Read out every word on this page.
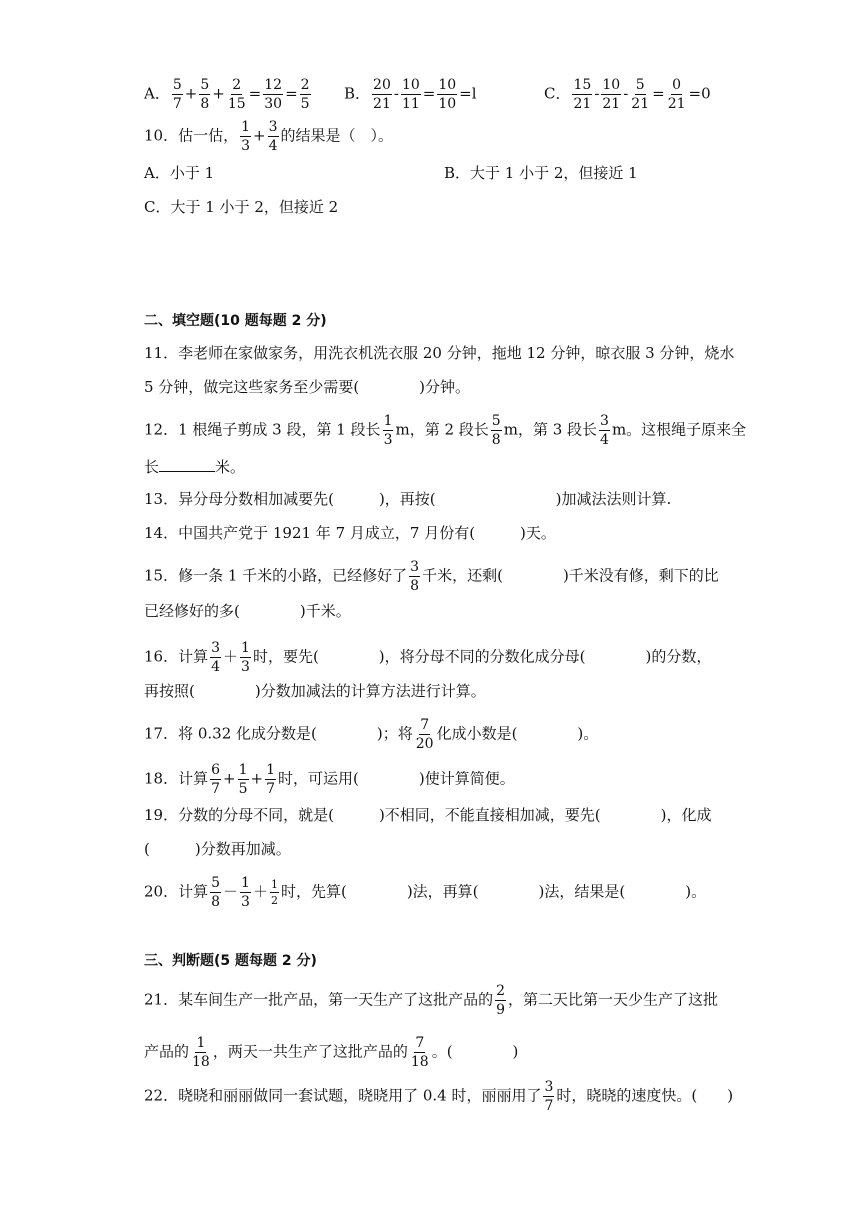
A． $\frac{5}{7} + \frac{5}{8} + \frac{2}{15} = \frac{12}{30} = \frac{2}{5}$ B． $\frac{20}{21} - \frac{10}{11} = \frac{10}{10} =l$	C． $\frac{15}{21} - \frac{10}{21} - \frac{5}{21} = \frac{0}{21} =0$
10．估一估， $\frac{1}{3} + \frac{3}{4}$ 的结果是（　）。
A．小于 1	B．大于 1 小于 2，但接近 1
C．大于 1 小于 2，但接近 2
二、填空题(10 题每题 2 分)
11．李老师在家做家务，用洗衣机洗衣服 20 分钟，拖地 12 分钟，晾衣服 3 分钟，烧水
5 分钟，做完这些家务至少需要(　　　　)分钟。
12．1 根绳子剪成 3 段，第 1 段长 $\frac{1}{3}$ m，第 2 段长 $\frac{5}{8}$ m，第 3 段长 $\frac{3}{4}$ m。这根绳子原来全
长	米。
13．异分母分数相加减要先(　　　)，再按(　　　　　　　　)加减法法则计算.
14．中国共产党于 1921 年 7 月成立，7 月份有(　　　)天。
15．修一条 1 千米的小路，已经修好了 $\frac{3}{8}$ 千米，还剩(　　　　)千米没有修，剩下的比
已经修好的多(　　　　)千米。
16．计算 $\frac{3}{4} + \frac{1}{3}$ 时，要先(　　　　)，将分母不同的分数化成分母(　　　　)的分数，
再按照(　　　　)分数加减法的计算方法进行计算。
17．将 0.32 化成分数是(　　　　)；将 $\frac{7}{20}$ 化成小数是(　　　　)。
18．计算 $\frac{6}{7} + \frac{1}{5} + \frac{1}{7}$ 时，可运用(　　　　)使计算简便。
19．分数的分母不同，就是(　　　)不相同，不能直接相加减，要先(　　　　)，化成
(　　　)分数再加减。
20．计算 $\frac{5}{8} - \frac{1}{3} + \frac{1}{2}$ 时，先算(　　　　)法，再算(　　　　)法，结果是(　　　　)。
三、判断题(5 题每题 2 分)
21．某车间生产一批产品，第一天生产了这批产品的 $\frac{2}{9}$ ，第二天比第一天少生产了这批
产品的 $\frac{1}{18}$ ，两天一共生产了这批产品的 $\frac{7}{18}$ 。(　　　　)
22．晓晓和丽丽做同一套试题，晓晓用了 0.4 时，丽丽用了 $\frac{3}{7}$ 时，晓晓的速度快。(　　)
